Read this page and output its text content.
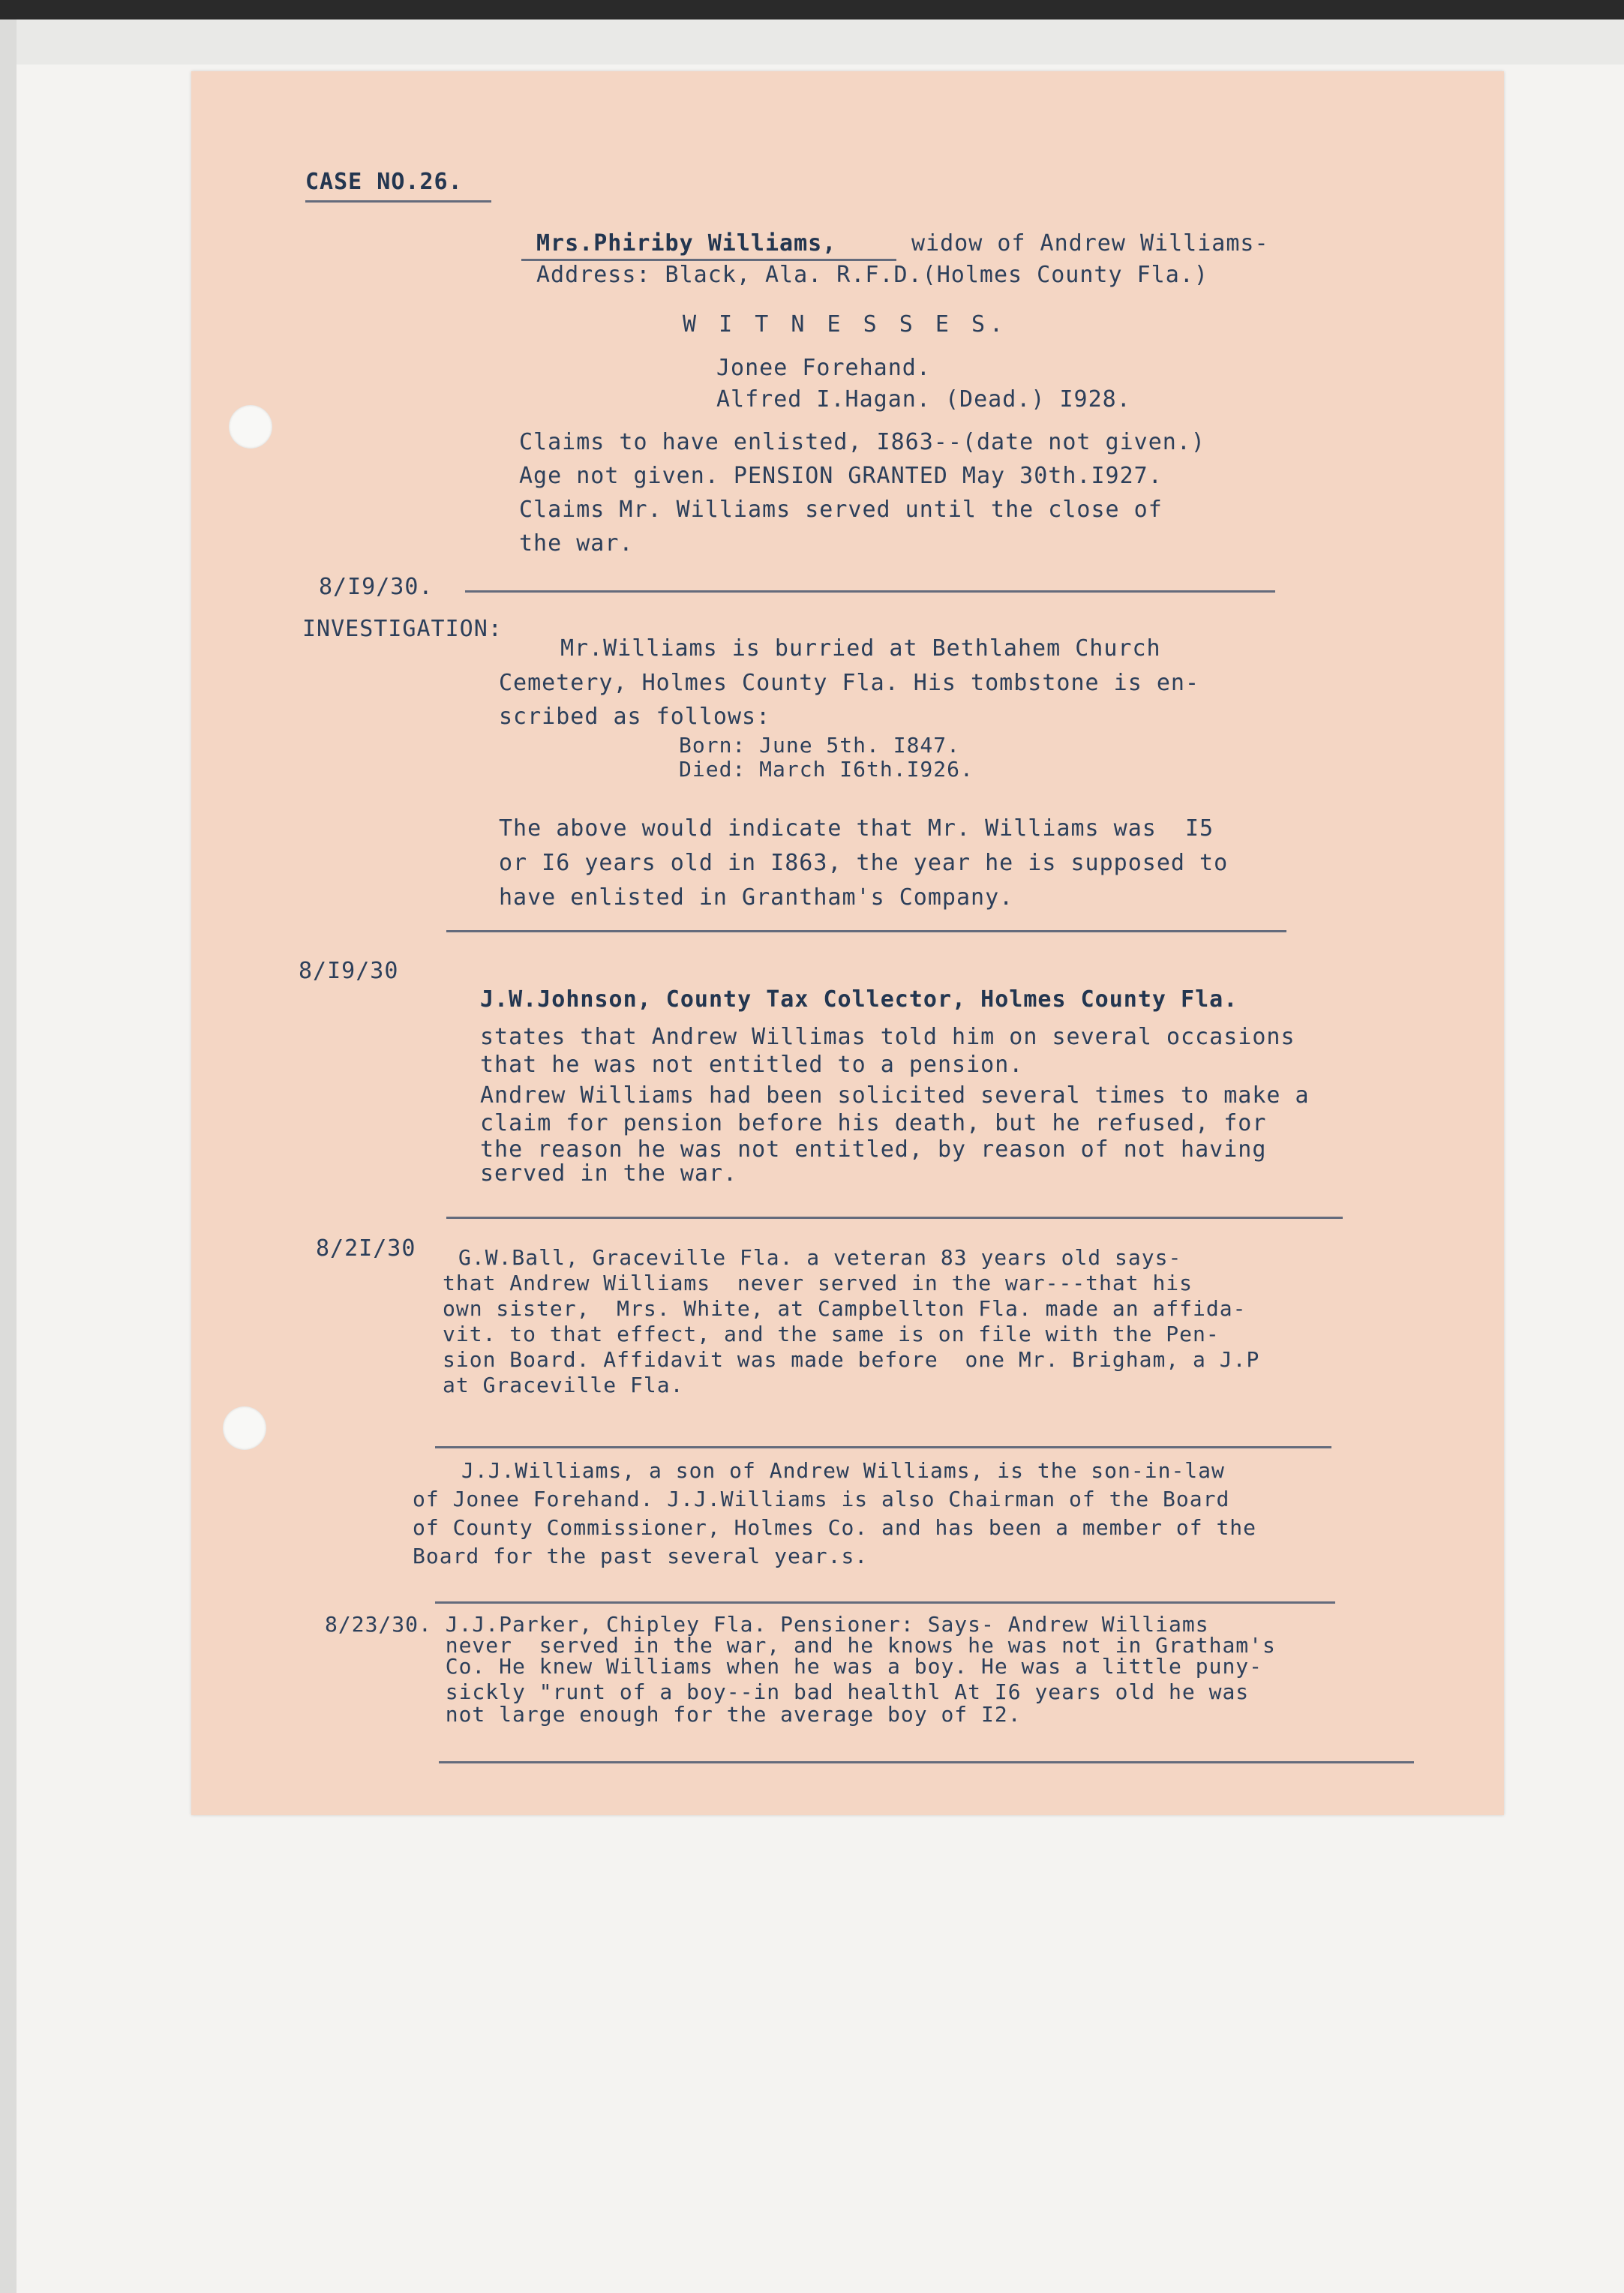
CASE NO.26.

Mrs.Phiriby Williams,	widow of Andrew Williams-

Address: Black, Ala. R.F.D.(Holmes County Fla.)

W I T N E S S E S.

Jonee Forehand.

Alfred I.Hagan. (Dead.) I928.

Claims to have enlisted, I863--(date not given.)

Age not given. PENSION GRANTED May 30th.I927.

Claims Mr. Williams served until the close of

the war.

8/I9/30.

INVESTIGATION:

Mr.Williams is burried at Bethlahem Church

Cemetery, Holmes County Fla. His tombstone is en-

scribed as follows:

Born: June 5th. I847.

Died: March I6th.I926.

The above would indicate that Mr. Williams was  I5

or I6 years old in I863, the year he is supposed to

have enlisted in Grantham's Company.

8/I9/30

J.W.Johnson, County Tax Collector, Holmes County Fla.

states that Andrew Willimas told him on several occasions

that he was not entitled to a pension.

Andrew Williams had been solicited several times to make a

claim for pension before his death, but he refused, for

the reason he was not entitled, by reason of not having

served in the war.

8/2I/30 G.W.Ball, Graceville Fla. a veteran 83 years old says-

that Andrew Williams  never served in the war---that his

own sister,  Mrs. White, at Campbellton Fla. made an affida-

vit. to that effect, and the same is on file with the Pen-

sion Board. Affidavit was made before  one Mr. Brigham, a J.P

at Graceville Fla.

J.J.Williams, a son of Andrew Williams, is the son-in-law

of Jonee Forehand. J.J.Williams is also Chairman of the Board

of County Commissioner, Holmes Co. and has been a member of the

Board for the past several year.s.

8/23/30. J.J.Parker, Chipley Fla. Pensioner: Says- Andrew Williams

never  served in the war, and he knows he was not in Gratham's

Co. He knew Williams when he was a boy. He was a little puny-

sickly "runt of a boy--in bad healthl At I6 years old he was

not large enough for the average boy of I2.
